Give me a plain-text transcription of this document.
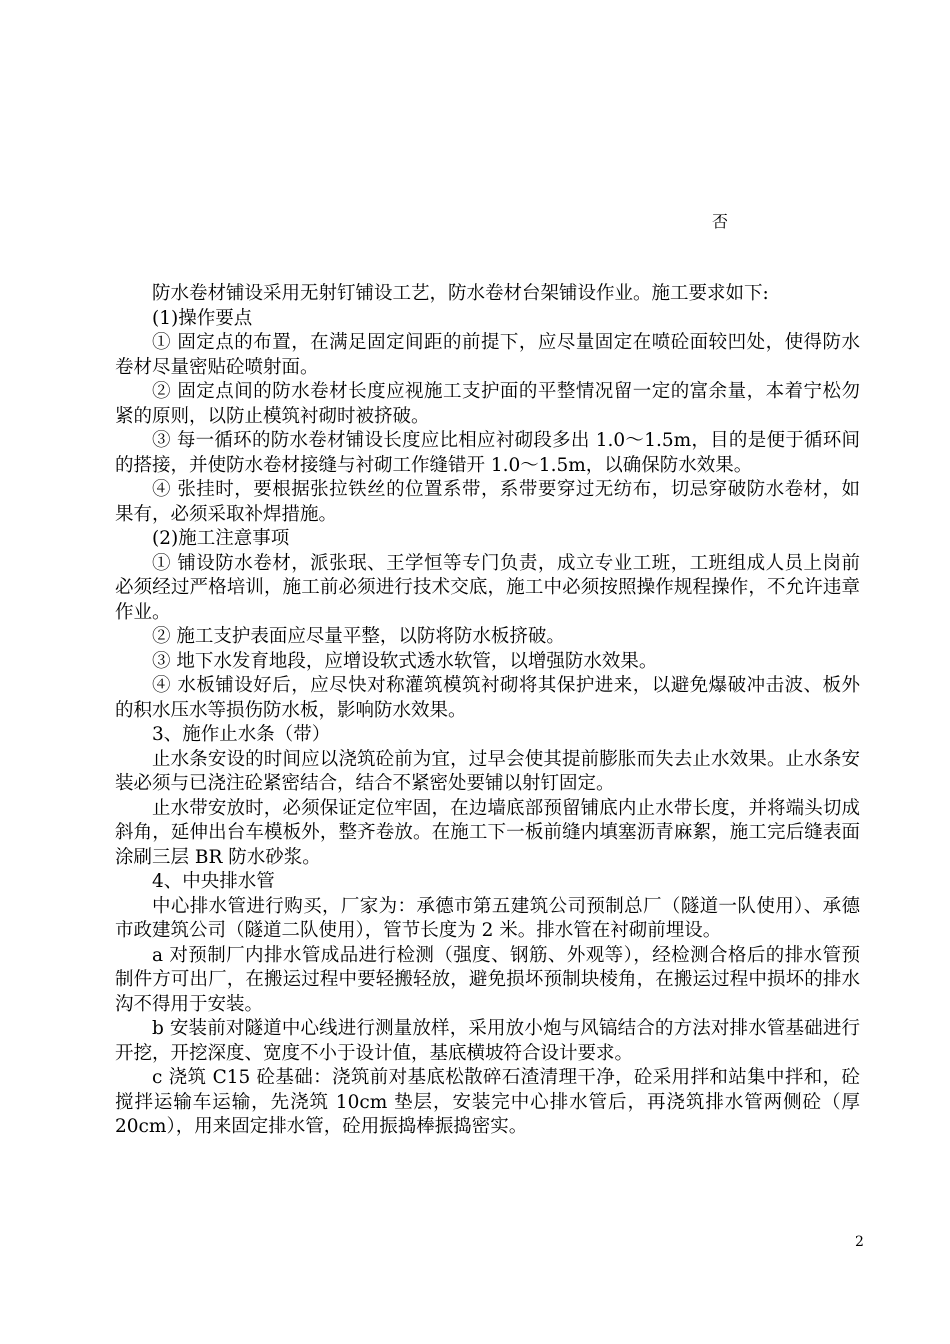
否

防水卷材铺设采用无射钉铺设工艺，防水卷材台架铺设作业。施工要求如下:

(1)操作要点

① 固定点的布置，在满足固定间距的前提下，应尽量固定在喷砼面较凹处，使得防水卷材尽量密贴砼喷射面。

② 固定点间的防水卷材长度应视施工支护面的平整情况留一定的富余量，本着宁松勿紧的原则，以防止模筑衬砌时被挤破。

③ 每一循环的防水卷材铺设长度应比相应衬砌段多出 1.0～1.5m，目的是便于循环间的搭接，并使防水卷材接缝与衬砌工作缝错开 1.0～1.5m，以确保防水效果。

④ 张挂时，要根据张拉铁丝的位置系带，系带要穿过无纺布，切忌穿破防水卷材，如果有，必须采取补焊措施。

(2)施工注意事项

① 铺设防水卷材，派张珉、王学恒等专门负责，成立专业工班，工班组成人员上岗前必须经过严格培训，施工前必须进行技术交底，施工中必须按照操作规程操作，不允许违章作业。

② 施工支护表面应尽量平整，以防将防水板挤破。

③ 地下水发育地段，应增设软式透水软管，以增强防水效果。

④ 水板铺设好后，应尽快对称灌筑模筑衬砌将其保护进来，以避免爆破冲击波、板外的积水压水等损伤防水板，影响防水效果。

3、施作止水条（带）

止水条安设的时间应以浇筑砼前为宜，过早会使其提前膨胀而失去止水效果。止水条安装必须与已浇注砼紧密结合，结合不紧密处要铺以射钉固定。

止水带安放时，必须保证定位牢固，在边墙底部预留铺底内止水带长度，并将端头切成斜角，延伸出台车模板外，整齐卷放。在施工下一板前缝内填塞沥青麻絮，施工完后缝表面涂刷三层 BR 防水砂浆。

4、中央排水管

中心排水管进行购买，厂家为：承德市第五建筑公司预制总厂（隧道一队使用）、承德市政建筑公司（隧道二队使用），管节长度为 2 米。排水管在衬砌前埋设。

a 对预制厂内排水管成品进行检测（强度、钢筋、外观等），经检测合格后的排水管预制件方可出厂，在搬运过程中要轻搬轻放，避免损坏预制块棱角，在搬运过程中损坏的排水沟不得用于安装。

b 安装前对隧道中心线进行测量放样，采用放小炮与风镐结合的方法对排水管基础进行开挖，开挖深度、宽度不小于设计值，基底横坡符合设计要求。

c 浇筑 C15 砼基础：浇筑前对基底松散碎石渣清理干净，砼采用拌和站集中拌和，砼搅拌运输车运输，先浇筑 10cm 垫层，安装完中心排水管后，再浇筑排水管两侧砼（厚 20cm），用来固定排水管，砼用振捣棒振捣密实。

2
